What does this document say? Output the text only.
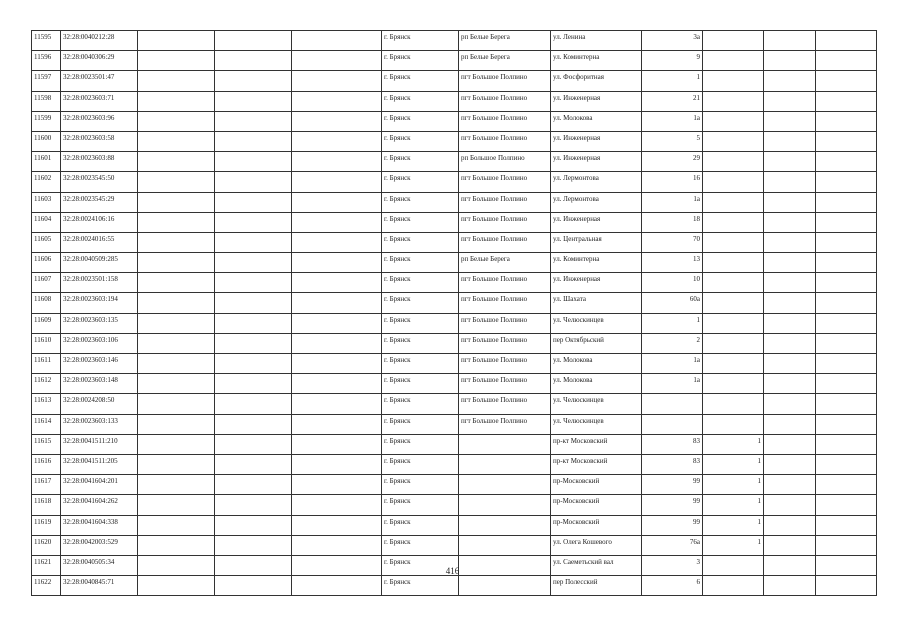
11595	32:28:0040212:28				г. Брянск	рп Белые Берега	ул. Ленина	3а			
11596	32:28:0040306:29				г. Брянск	рп Белые Берега	ул. Коминтерна	9			
11597	32:28:0023501:47				г. Брянск	пгт Большое Полпино	ул. Фосфоритная	1			
11598	32:28:0023603:71				г. Брянск	пгт Большое Полпино	ул. Инженерная	21			
11599	32:28:0023603:96				г. Брянск	пгт Большое Полпино	ул. Молокова	1а			
11600	32:28:0023603:58				г. Брянск	пгт Большое Полпино	ул. Инженерная	5			
11601	32:28:0023603:88				г. Брянск	рп Большое Полпино	ул. Инженерная	29			
11602	32:28:0023545:50				г. Брянск	пгт Большое Полпино	ул. Лермонтова	16			
11603	32:28:0023545:29				г. Брянск	пгт Большое Полпино	ул. Лермонтова	1а			
11604	32:28:0024106:16				г. Брянск	пгт Большое Полпино	ул. Инженерная	18			
11605	32:28:0024016:55				г. Брянск	пгт Большое Полпино	ул. Центральная	70			
11606	32:28:0040509:285				г. Брянск	рп Белые Берега	ул. Коминтерна	13			
11607	32:28:0023501:158				г. Брянск	пгт Большое Полпино	ул. Инженерная	10			
11608	32:28:0023603:194				г. Брянск	пгт Большое Полпино	ул. Шахата	60а			
11609	32:28:0023603:135				г. Брянск	пгт Большое Полпино	ул. Челюскинцев	1			
11610	32:28:0023603:106				г. Брянск	пгт Большое Полпино	пер Октябрьский	2			
11611	32:28:0023603:146				г. Брянск	пгт Большое Полпино	ул. Молокова	1а			
11612	32:28:0023603:148				г. Брянск	пгт Большое Полпино	ул. Молокова	1а			
11613	32:28:0024208:50				г. Брянск	пгт Большое Полпино	ул. Челюскинцев				
11614	32:28:0023603:133				г. Брянск	пгт Большое Полпино	ул. Челюскинцев				
11615	32:28:0041511:210				г. Брянск		пр-кт Московский	83	1		
11616	32:28:0041511:205				г. Брянск		пр-кт Московский	83	1		
11617	32:28:0041604:201				г. Брянск		пр-Московский	99	1		
11618	32:28:0041604:262				г. Брянск		пр-Московский	99	1		
11619	32:28:0041604:338				г. Брянск		пр-Московский	99	1		
11620	32:28:0042003:529				г. Брянск		ул. Олега Кошевого	76а	1		
11621	32:28:0040505:34				г. Брянск		ул. Саеметьский вал	3			
11622	32:28:0040845:71				г. Брянск		пер Полесский	6			
416
